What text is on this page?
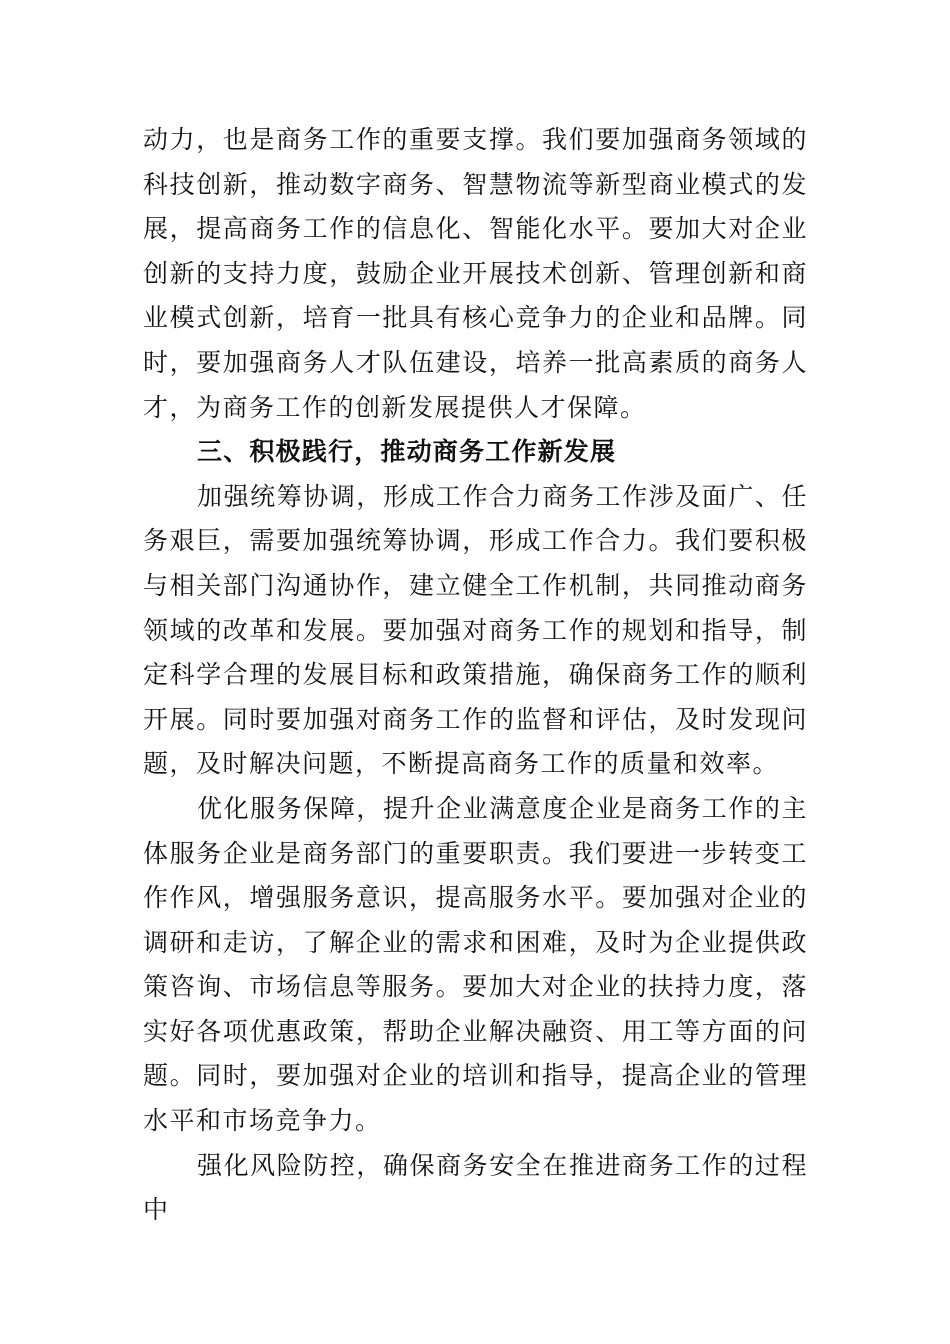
动力，也是商务工作的重要支撑。我们要加强商务领域的科技创新，推动数字商务、智慧物流等新型商业模式的发展，提高商务工作的信息化、智能化水平。要加大对企业创新的支持力度，鼓励企业开展技术创新、管理创新和商业模式创新，培育一批具有核心竞争力的企业和品牌。同时，要加强商务人才队伍建设，培养一批高素质的商务人才，为商务工作的创新发展提供人才保障。

三、积极践行，推动商务工作新发展

加强统筹协调，形成工作合力商务工作涉及面广、任务艰巨，需要加强统筹协调，形成工作合力。我们要积极与相关部门沟通协作，建立健全工作机制，共同推动商务领域的改革和发展。要加强对商务工作的规划和指导，制定科学合理的发展目标和政策措施，确保商务工作的顺利开展。同时要加强对商务工作的监督和评估，及时发现问题，及时解决问题，不断提高商务工作的质量和效率。

优化服务保障，提升企业满意度企业是商务工作的主体服务企业是商务部门的重要职责。我们要进一步转变工作作风，增强服务意识，提高服务水平。要加强对企业的调研和走访，了解企业的需求和困难，及时为企业提供政策咨询、市场信息等服务。要加大对企业的扶持力度，落实好各项优惠政策，帮助企业解决融资、用工等方面的问题。同时，要加强对企业的培训和指导，提高企业的管理水平和市场竞争力。

强化风险防控，确保商务安全在推进商务工作的过程中
